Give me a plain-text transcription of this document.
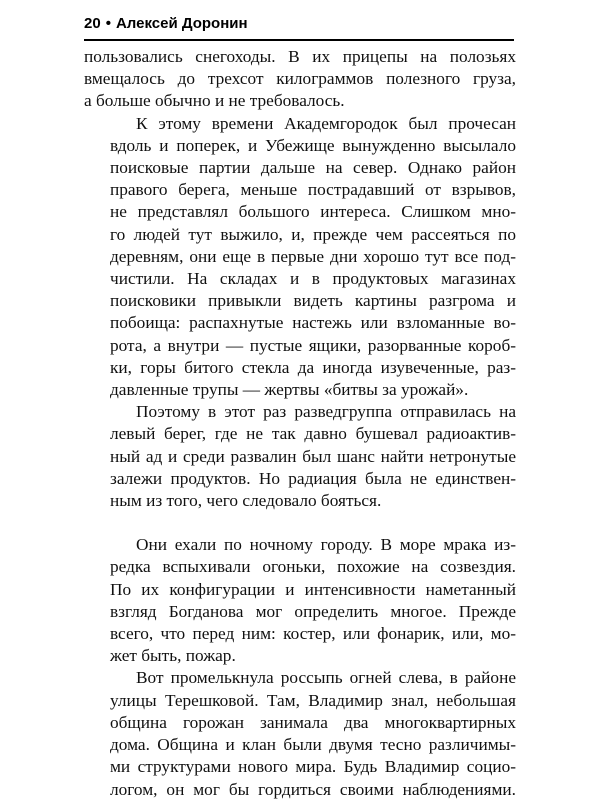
20 • Алексей Доронин

пользовались снегоходы. В их прицепы на полозьях
вмещалось до трехсот килограммов полезного груза,
а больше обычно и не требовалось.

К этому времени Академгородок был прочесан
вдоль и поперек, и Убежище вынужденно высылало
поисковые партии дальше на север. Однако район
правого берега, меньше пострадавший от взрывов,
не представлял большого интереса. Слишком мно-
го людей тут выжило, и, прежде чем рассеяться по
деревням, они еще в первые дни хорошо тут все под-
чистили. На складах и в продуктовых магазинах
поисковики привыкли видеть картины разгрома и
побоища: распахнутые настежь или взломанные во-
рота, а внутри — пустые ящики, разорванные короб-
ки, горы битого стекла да иногда изувеченные, раз-
давленные трупы — жертвы «битвы за урожай».

Поэтому в этот раз разведгруппа отправилась на
левый берег, где не так давно бушевал радиоактив-
ный ад и среди развалин был шанс найти нетронутые
залежи продуктов. Но радиация была не единствен-
ным из того, чего следовало бояться.

Они ехали по ночному городу. В море мрака из-
редка вспыхивали огоньки, похожие на созвездия.
По их конфигурации и интенсивности наметанный
взгляд Богданова мог определить многое. Прежде
всего, что перед ним: костер, или фонарик, или, мо-
жет быть, пожар.

Вот промелькнула россыпь огней слева, в районе
улицы Терешковой. Там, Владимир знал, небольшая
община горожан занимала два многоквартирных
дома. Община и клан были двумя тесно различимы-
ми структурами нового мира. Будь Владимир социо-
логом, он мог бы гордиться своими наблюдениями.
